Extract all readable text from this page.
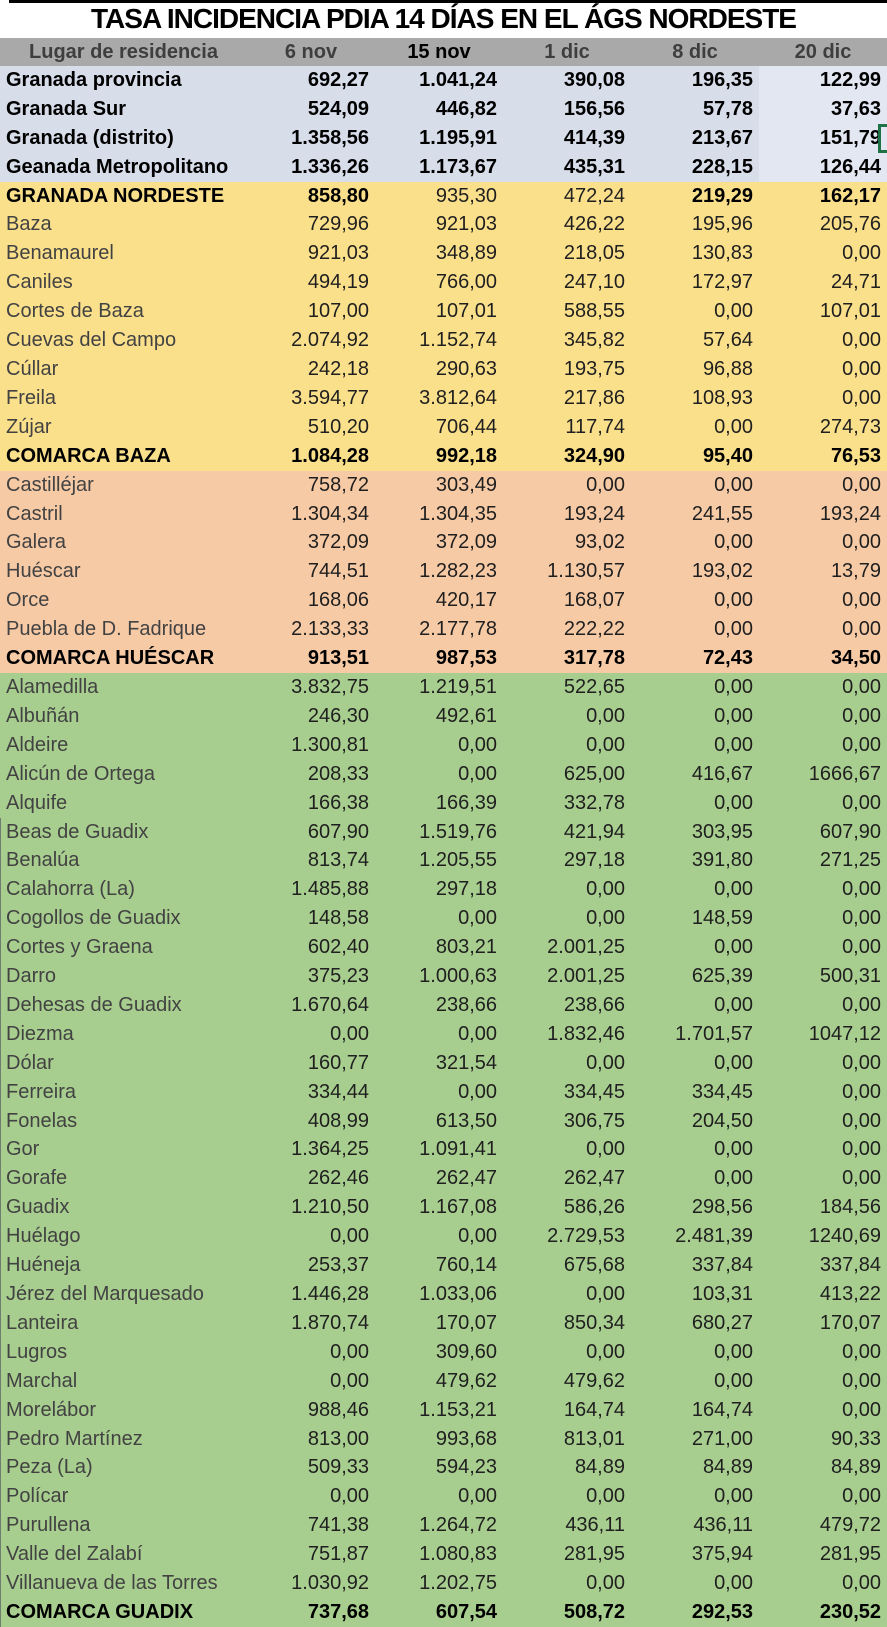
TASA INCIDENCIA PDIA 14 DÍAS EN EL ÁGS NORDESTE
Lugar de residencia	6 nov	15 nov	1 dic	8 dic	20 dic
Granada provincia	692,27	1.041,24	390,08	196,35	122,99
Granada Sur	524,09	446,82	156,56	57,78	37,63
Granada (distrito)	1.358,56	1.195,91	414,39	213,67	151,79
Geanada Metropolitano	1.336,26	1.173,67	435,31	228,15	126,44
GRANADA NORDESTE	858,80	935,30	472,24	219,29	162,17
Baza	729,96	921,03	426,22	195,96	205,76
Benamaurel	921,03	348,89	218,05	130,83	0,00
Caniles	494,19	766,00	247,10	172,97	24,71
Cortes de Baza	107,00	107,01	588,55	0,00	107,01
Cuevas del Campo	2.074,92	1.152,74	345,82	57,64	0,00
Cúllar	242,18	290,63	193,75	96,88	0,00
Freila	3.594,77	3.812,64	217,86	108,93	0,00
Zújar	510,20	706,44	117,74	0,00	274,73
COMARCA BAZA	1.084,28	992,18	324,90	95,40	76,53
Castilléjar	758,72	303,49	0,00	0,00	0,00
Castril	1.304,34	1.304,35	193,24	241,55	193,24
Galera	372,09	372,09	93,02	0,00	0,00
Huéscar	744,51	1.282,23	1.130,57	193,02	13,79
Orce	168,06	420,17	168,07	0,00	0,00
Puebla de D. Fadrique	2.133,33	2.177,78	222,22	0,00	0,00
COMARCA HUÉSCAR	913,51	987,53	317,78	72,43	34,50
Alamedilla	3.832,75	1.219,51	522,65	0,00	0,00
Albuñán	246,30	492,61	0,00	0,00	0,00
Aldeire	1.300,81	0,00	0,00	0,00	0,00
Alicún de Ortega	208,33	0,00	625,00	416,67	1666,67
Alquife	166,38	166,39	332,78	0,00	0,00
Beas de Guadix	607,90	1.519,76	421,94	303,95	607,90
Benalúa	813,74	1.205,55	297,18	391,80	271,25
Calahorra (La)	1.485,88	297,18	0,00	0,00	0,00
Cogollos de Guadix	148,58	0,00	0,00	148,59	0,00
Cortes y Graena	602,40	803,21	2.001,25	0,00	0,00
Darro	375,23	1.000,63	2.001,25	625,39	500,31
Dehesas de Guadix	1.670,64	238,66	238,66	0,00	0,00
Diezma	0,00	0,00	1.832,46	1.701,57	1047,12
Dólar	160,77	321,54	0,00	0,00	0,00
Ferreira	334,44	0,00	334,45	334,45	0,00
Fonelas	408,99	613,50	306,75	204,50	0,00
Gor	1.364,25	1.091,41	0,00	0,00	0,00
Gorafe	262,46	262,47	262,47	0,00	0,00
Guadix	1.210,50	1.167,08	586,26	298,56	184,56
Huélago	0,00	0,00	2.729,53	2.481,39	1240,69
Huéneja	253,37	760,14	675,68	337,84	337,84
Jérez del Marquesado	1.446,28	1.033,06	0,00	103,31	413,22
Lanteira	1.870,74	170,07	850,34	680,27	170,07
Lugros	0,00	309,60	0,00	0,00	0,00
Marchal	0,00	479,62	479,62	0,00	0,00
Morelábor	988,46	1.153,21	164,74	164,74	0,00
Pedro Martínez	813,00	993,68	813,01	271,00	90,33
Peza (La)	509,33	594,23	84,89	84,89	84,89
Polícar	0,00	0,00	0,00	0,00	0,00
Purullena	741,38	1.264,72	436,11	436,11	479,72
Valle del Zalabí	751,87	1.080,83	281,95	375,94	281,95
Villanueva de las Torres	1.030,92	1.202,75	0,00	0,00	0,00
COMARCA GUADIX	737,68	607,54	508,72	292,53	230,52
